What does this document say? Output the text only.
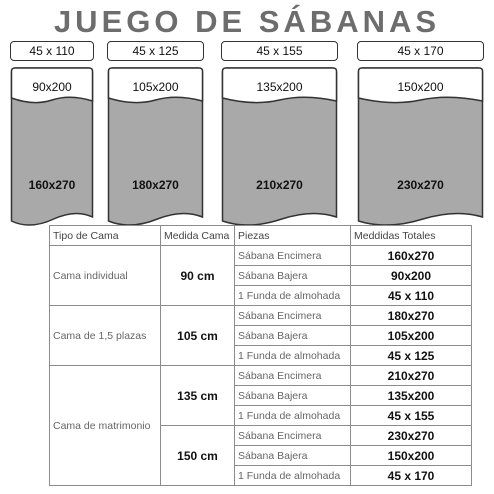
JUEGO DE SÁBANAS
45 x 110
90x200
160x270
45 x 125
105x200
180x270
45 x 155
135x200
210x270
45 x 170
150x200
230x270
Tipo de Cama	Medida Cama	Piezas	Meddidas Totales
Cama individual	90 cm	Sábana Encimera	160x270
		Sábana Bajera	90x200
		1 Funda de almohada	45 x 110
Cama de 1,5 plazas	105 cm	Sábana Encimera	180x270
		Sábana Bajera	105x200
		1 Funda de almohada	45 x 125
Cama de matrimonio	135 cm	Sábana Encimera	210x270
		Sábana Bajera	135x200
		1 Funda de almohada	45 x 155
	150 cm	Sábana Encimera	230x270
		Sábana Bajera	150x200
		1 Funda de almohada	45 x 170
